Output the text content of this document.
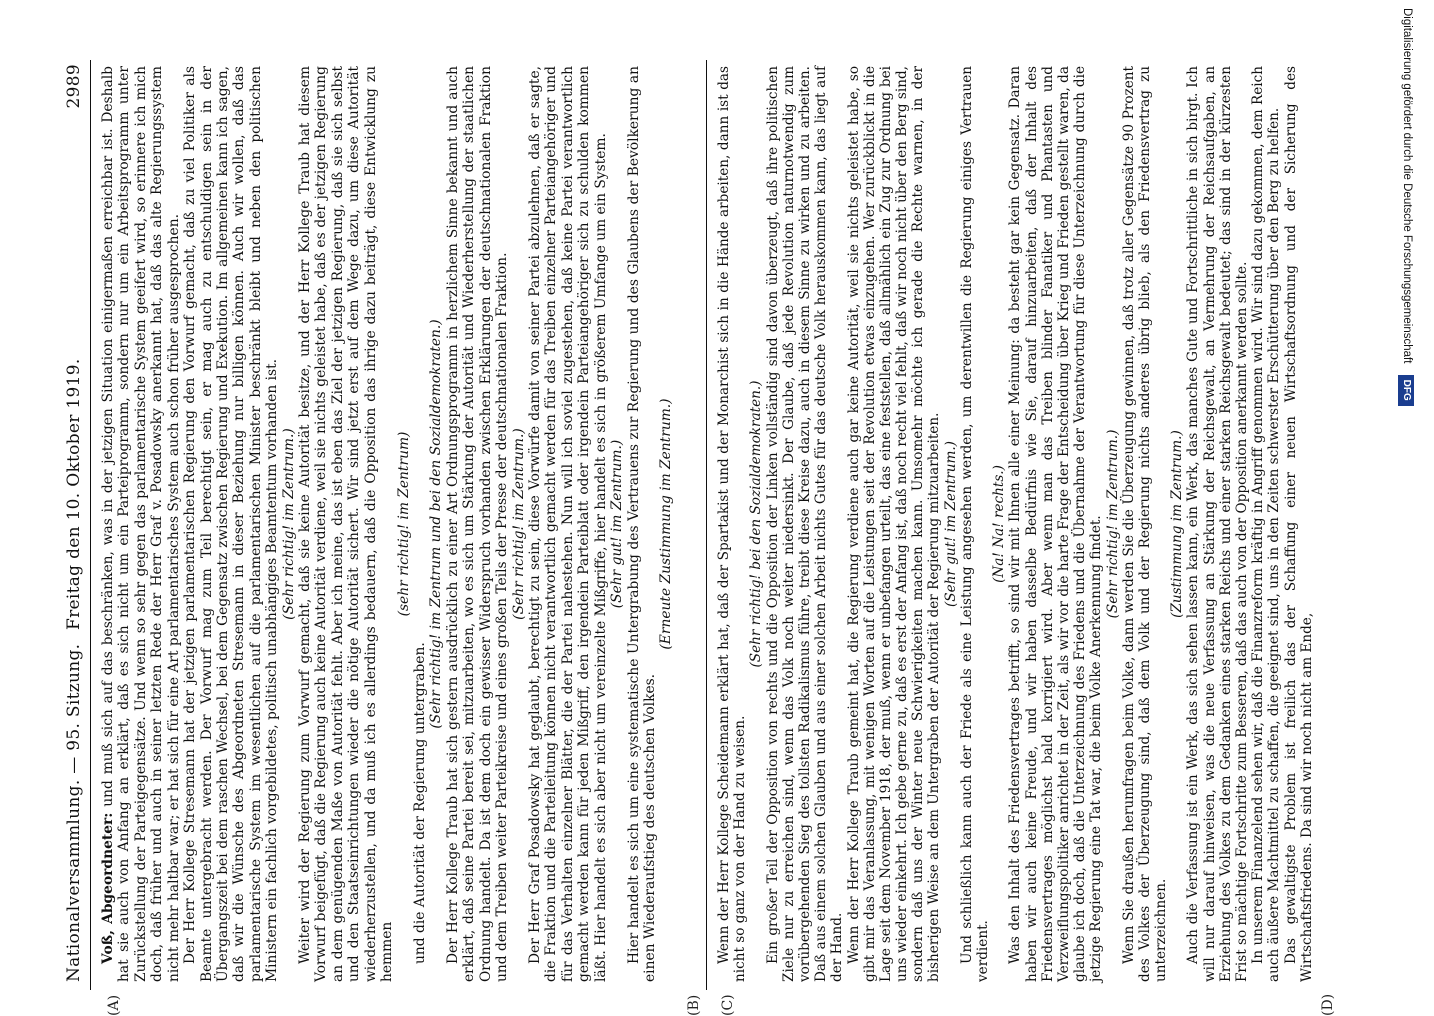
Nationalversammlung. — 95. Sitzung.
Freitag den 10. Oktober 1919.
2989
(A)	(B) (C)	(D)

Voß, Abgeordneter: und muß sich auf das beschränken, was in der jetzigen Situation einigermaßen erreichbar ist. Deshalb hat sie auch von Anfang an erklärt, daß es sich nicht um ein Parteiprogramm, sondern nur um ein Arbeitsprogramm unter Zurückstellung der Parteigegensätze. Und wenn so sehr gegen das parlamentarische System geeifert wird, so erinnere ich mich doch, daß früher und auch in seiner letzten Rede der Herr Graf v. Posadowsky anerkannt hat, daß das alte Regierungssystem nicht mehr haltbar war; er hat sich für eine Art parlamentarisches System auch schon früher ausgesprochen. Der Herr Kollege Stresemann hat der jetzigen parlamentarischen Regierung den Vorwurf gemacht, daß zu viel Politiker als Beamte untergebracht werden. Der Vorwurf mag zum Teil berechtigt sein, er mag auch zu entschuldigen sein in der Übergangszeit bei dem raschen Wechsel, bei dem Gegensatz zwischen Regierung und Exekution. Im allgemeinen kann ich sagen, daß wir die Wünsche des Abgeordneten Stresemann in dieser Beziehung nur billigen können. Auch wir wollen, daß das parlamentarische System im wesentlichen auf die parlamentarischen Minister beschränkt bleibt und neben den politischen Ministern ein fachlich vorgebildetes, politisch unabhängiges Beamtentum vorhanden ist. (Sehr richtig! im Zentrum.) Weiter wird der Regierung zum Vorwurf gemacht, daß sie keine Autorität besitze, und der Herr Kollege Traub hat diesem Vorwurf beigefügt, daß die Regierung auch keine Autorität verdiene, weil sie nichts geleistet habe, daß es der jetzigen Regierung an dem genügenden Maße von Autorität fehlt. Aber ich meine, das ist eben das Ziel der jetzigen Regierung, daß sie sich selbst und den Staatseinrichtungen wieder die nötige Autorität sichert. Wir sind jetzt erst auf dem Wege dazu, um diese Autorität wiederherzustellen, und da muß ich es allerdings bedauern, daß die Opposition das ihrige dazu beiträgt, diese Entwicklung zu hemmen

(sehr richtig! im Zentrum)

und die Autorität der Regierung untergraben.

(Sehr richtig! im Zentrum und bei den Sozialdemokraten.) Der Herr Kollege Traub hat sich gestern ausdrücklich zu einer Art Ordnungsprogramm in herzlichem Sinne bekannt und auch erklärt, daß seine Partei bereit sei, mitzuarbeiten, wo es sich um Stärkung der Autorität und Wiederherstellung der staatlichen Ordnung handelt. Da ist dem doch ein gewisser Widerspruch vorhanden zwischen Erklärungen der deutschnationalen Fraktion und dem Treiben weiter Parteikreise und eines großen Teils der Presse der deutschnationalen Fraktion. (Sehr richtig! im Zentrum.) Der Herr Graf Posadowsky hat geglaubt, berechtigt zu sein, diese Vorwürfe damit von seiner Partei abzulehnen, daß er sagte, die Fraktion und die Parteileitung können nicht verantwortlich gemacht werden für das Treiben einzelner Parteiangehöriger und für das Verhalten einzelner Blätter, die der Partei nahestehen. Nun will ich soviel zugestehen, daß keine Partei verantwortlich gemacht werden kann für jeden Mißgriff, den irgendein Parteiblatt oder irgendein Parteiangehöriger sich zu schulden kommen läßt. Hier handelt es sich aber nicht um vereinzelte Mißgriffe, hier handelt es sich in größerem Umfange um ein System. (Sehr gut! im Zentrum.) Hier handelt es sich um eine systematische Untergrabung des Vertrauens zur Regierung und des Glaubens der Bevölkerung an einen Wiederaufstieg des deutschen Volkes.

(Erneute Zustimmung im Zentrum.)	Wenn der Herr Kollege Scheidemann erklärt hat, daß der Spartakist und der Monarchist sich in die Hände arbeiten, dann ist das nicht so ganz von der Hand zu weisen.

(Sehr richtig! bei den Sozialdemokraten.) Ein großer Teil der Opposition von rechts und die Opposition der Linken vollständig sind davon überzeugt, daß ihre politischen Ziele nur zu erreichen sind, wenn das Volk noch weiter niedersinkt. Der Glaube, daß jede Revolution naturnotwendig zum vorübergehenden Sieg des tollsten Radikalismus führe, treibt diese Kreise dazu, auch in diesem Sinne zu wirken und zu arbeiten. Daß aus einem solchen Glauben und aus einer solchen Arbeit nichts Gutes für das deutsche Volk herauskommen kann, das liegt auf der Hand. Wenn der Herr Kollege Traub gemeint hat, die Regierung verdiene auch gar keine Autorität, weil sie nichts geleistet habe, so gibt mir das Veranlassung, mit wenigen Worten auf die Leistungen seit der Revolution etwas einzugehen. Wer zurückblickt in die Lage seit dem November 1918, der muß, wenn er unbefangen urteilt, das eine feststellen, daß allmählich ein Zug zur Ordnung bei uns wieder einkehrt. Ich gebe gerne zu, daß es erst der Anfang ist, daß noch recht viel fehlt, daß wir noch nicht über den Berg sind, sondern daß uns der Winter neue Schwierigkeiten machen kann. Umsomehr möchte ich gerade die Rechte warnen, in der bisherigen Weise an dem Untergraben der Autorität der Regierung mitzuarbeiten. (Sehr gut! im Zentrum.) Und schließlich kann auch der Friede als eine Leistung angesehen werden, um derentwillen die Regierung einiges Vertrauen verdient.

(Na! Na! rechts.) Was den Inhalt des Friedensvertrages betrifft, so sind wir mit Ihnen alle einer Meinung: da besteht gar kein Gegensatz. Daran haben wir auch keine Freude, und wir haben dasselbe Bedürfnis wie Sie, darauf hinzuarbeiten, daß der Inhalt des Friedensvertrages möglichst bald korrigiert wird. Aber wenn man das Treiben blinder Fanatiker und Phantasten und Verzweiflungspolitiker anrichtet in der Zeit, als wir vor die harte Frage der Entscheidung über Krieg und Frieden gestellt waren, da glaube ich doch, daß die Unterzeichnung des Friedens und die Übernahme der Verantwortung für diese Unterzeichnung durch die jetzige Regierung eine Tat war, die beim Volke Anerkennung findet. (Sehr richtig! im Zentrum.) Wenn Sie draußen herumfragen beim Volke, dann werden Sie die Überzeugung gewinnen, daß trotz aller Gegensätze 90 Prozent des Volkes der Überzeugung sind, daß dem Volk und der Regierung nichts anderes übrig blieb, als den Friedensvertrag zu unterzeichnen.

(Zustimmung im Zentrum.) Auch die Verfassung ist ein Werk, das sich sehen lassen kann, ein Werk, das manches Gute und Fortschrittliche in sich birgt. Ich will nur darauf hinweisen, was die neue Verfassung an Stärkung der Reichsgewalt, an Vermehrung der Reichsaufgaben, an Erziehung des Volkes zu dem Gedanken eines starken Reichs und einer starken Reichsgewalt bedeutet; das sind in der kürzesten Frist so mächtige Fortschritte zum Besseren, daß das auch von der Opposition anerkannt werden sollte. In unserem Finanzelend sehen wir, daß die Finanzreform kräftig in Angriff genommen wird. Wir sind dazu gekommen, dem Reich auch äußere Machtmittel zu schaffen, die geeignet sind, uns in den Zeiten schwerster Erschütterung über den Berg zu helfen. Das gewaltigste Problem ist freilich das der Schaffung einer neuen Wirtschaftsordnung und der Sicherung des Wirtschaftsfriedens. Da sind wir noch nicht am Ende,

Digitalisierung gefördert durch die Deutsche Forschungsgemeinschaft DFG
